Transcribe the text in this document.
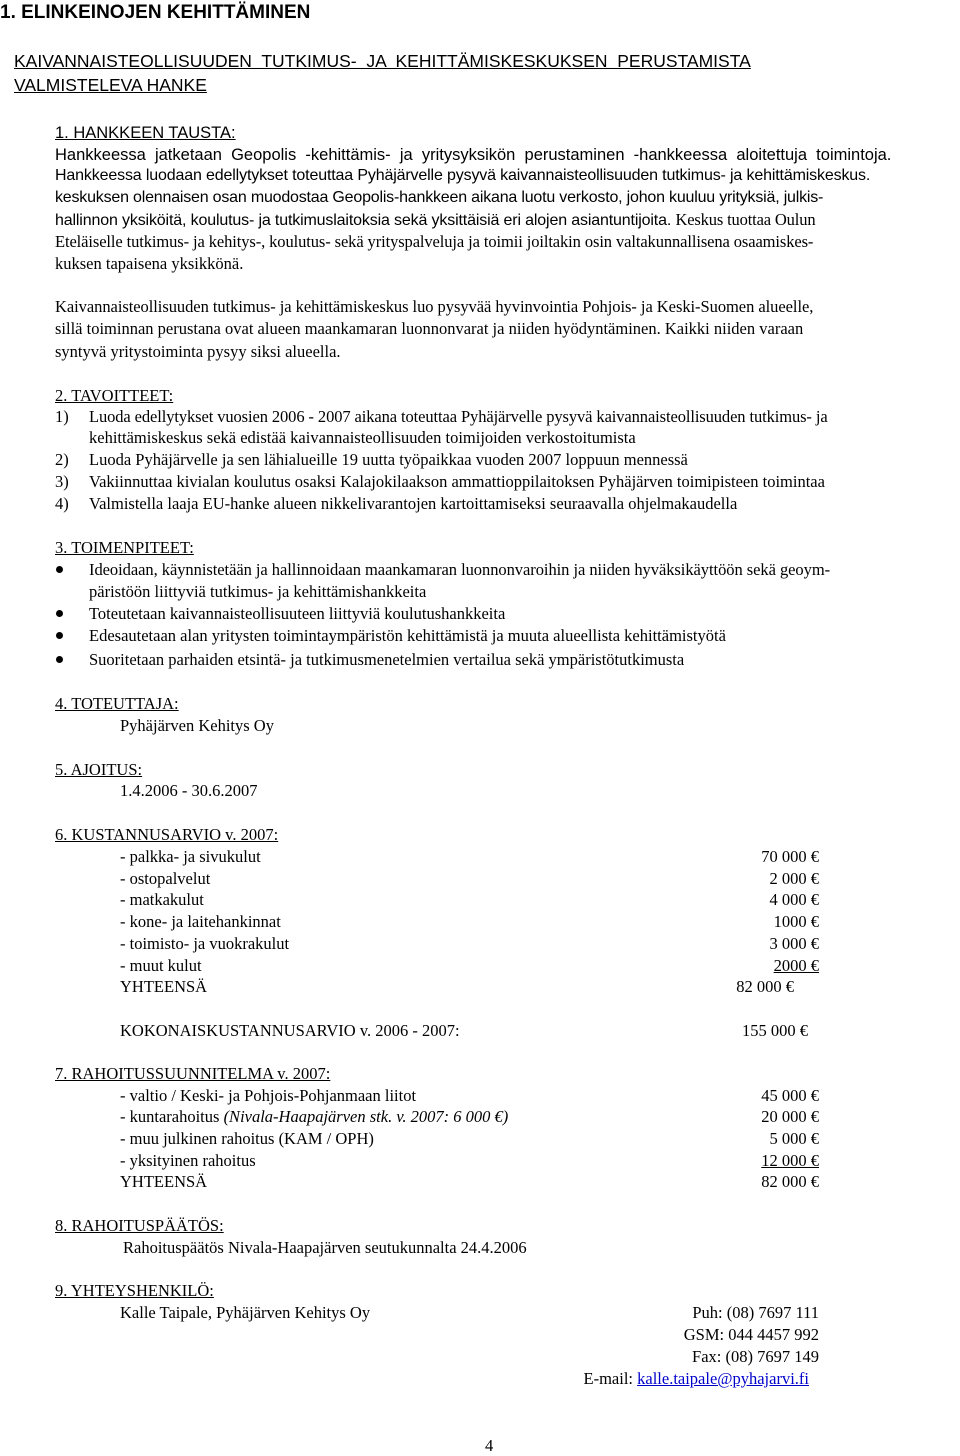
1. ELINKEINOJEN KEHITTÄMINEN
KAIVANNAISTEOLLISUUDEN  TUTKIMUS-  JA  KEHITTÄMISKESKUKSEN  PERUSTAMISTA
VALMISTELEVA HANKE
1. HANKKEEN TAUSTA:
Hankkeessa  jatketaan  Geopolis  -kehittämis-  ja  yritysyksikön  perustaminen  -hankkeessa  aloitettuja  toimintoja.
Hankkeessa luodaan edellytykset toteuttaa Pyhäjärvelle pysyvä kaivannaisteollisuuden tutkimus- ja kehittämiskeskus.
keskuksen olennaisen osan muodostaa Geopolis-hankkeen aikana luotu verkosto, johon kuuluu yrityksiä, julkis-
hallinnon yksiköitä, koulutus- ja tutkimuslaitoksia sekä yksittäisiä eri alojen asiantuntijoita. Keskus tuottaa Oulun
Eteläiselle tutkimus- ja kehitys-, koulutus- sekä yrityspalveluja ja toimii joiltakin osin valtakunnallisena osaamiskes-
kuksen tapaisena yksikkönä.
Kaivannaisteollisuuden tutkimus- ja kehittämiskeskus luo pysyvää hyvinvointia Pohjois- ja Keski-Suomen alueelle,
sillä toiminnan perustana ovat alueen maankamaran luonnonvarat ja niiden hyödyntäminen. Kaikki niiden varaan
syntyvä yritystoiminta pysyy siksi alueella.
2. TAVOITTEET:
1) Luoda edellytykset vuosien 2006 - 2007 aikana toteuttaa Pyhäjärvelle pysyvä kaivannaisteollisuuden tutkimus- ja
kehittämiskeskus sekä edistää kaivannaisteollisuuden toimijoiden verkostoitumista
2) Luoda Pyhäjärvelle ja sen lähialueille 19 uutta työpaikkaa vuoden 2007 loppuun mennessä
3) Vakiinnuttaa kivialan koulutus osaksi Kalajokilaakson ammattioppilaitoksen Pyhäjärven toimipisteen toimintaa
4) Valmistella laaja EU-hanke alueen nikkelivarantojen kartoittamiseksi seuraavalla ohjelmakaudella
3. TOIMENPITEET:
Ideoidaan, käynnistetään ja hallinnoidaan maankamaran luonnonvaroihin ja niiden hyväksikäyttöön sekä geoym-
päristöön liittyviä tutkimus- ja kehittämishankkeita
Toteutetaan kaivannaisteollisuuteen liittyviä koulutushankkeita
Edesautetaan alan yritysten toimintaympäristön kehittämistä ja muuta alueellista kehittämistyötä
Suoritetaan parhaiden etsintä- ja tutkimusmenetelmien vertailua sekä ympäristötutkimusta
4. TOTEUTTAJA:
Pyhäjärven Kehitys Oy
5. AJOITUS:
1.4.2006 - 30.6.2007
6. KUSTANNUSARVIO v. 2007:
- palkka- ja sivukulut	70 000 €
- ostopalvelut	2 000 €
- matkakulut	4 000 €
- kone- ja laitehankinnat	1000 €
- toimisto- ja vuokrakulut	3 000 €
- muut kulut	2000 €
YHTEENSÄ	82 000 €
KOKONAISKUSTANNUSARVIO v. 2006 - 2007:	155 000 €
7. RAHOITUSSUUNNITELMA v. 2007:
- valtio / Keski- ja Pohjois-Pohjanmaan liitot	45 000 €
- kuntarahoitus (Nivala-Haapajärven stk. v. 2007: 6 000 €)	20 000 €
- muu julkinen rahoitus (KAM / OPH)	5 000 €
- yksityinen rahoitus	12 000 €
YHTEENSÄ	82 000 €
8. RAHOITUSPÄÄTÖS:
Rahoituspäätös Nivala-Haapajärven seutukunnalta 24.4.2006
9. YHTEYSHENKILÖ:
Kalle Taipale, Pyhäjärven Kehitys Oy	Puh: (08) 7697 111
GSM: 044 4457 992
Fax: (08) 7697 149
E-mail: kalle.taipale@pyhajarvi.fi
4
